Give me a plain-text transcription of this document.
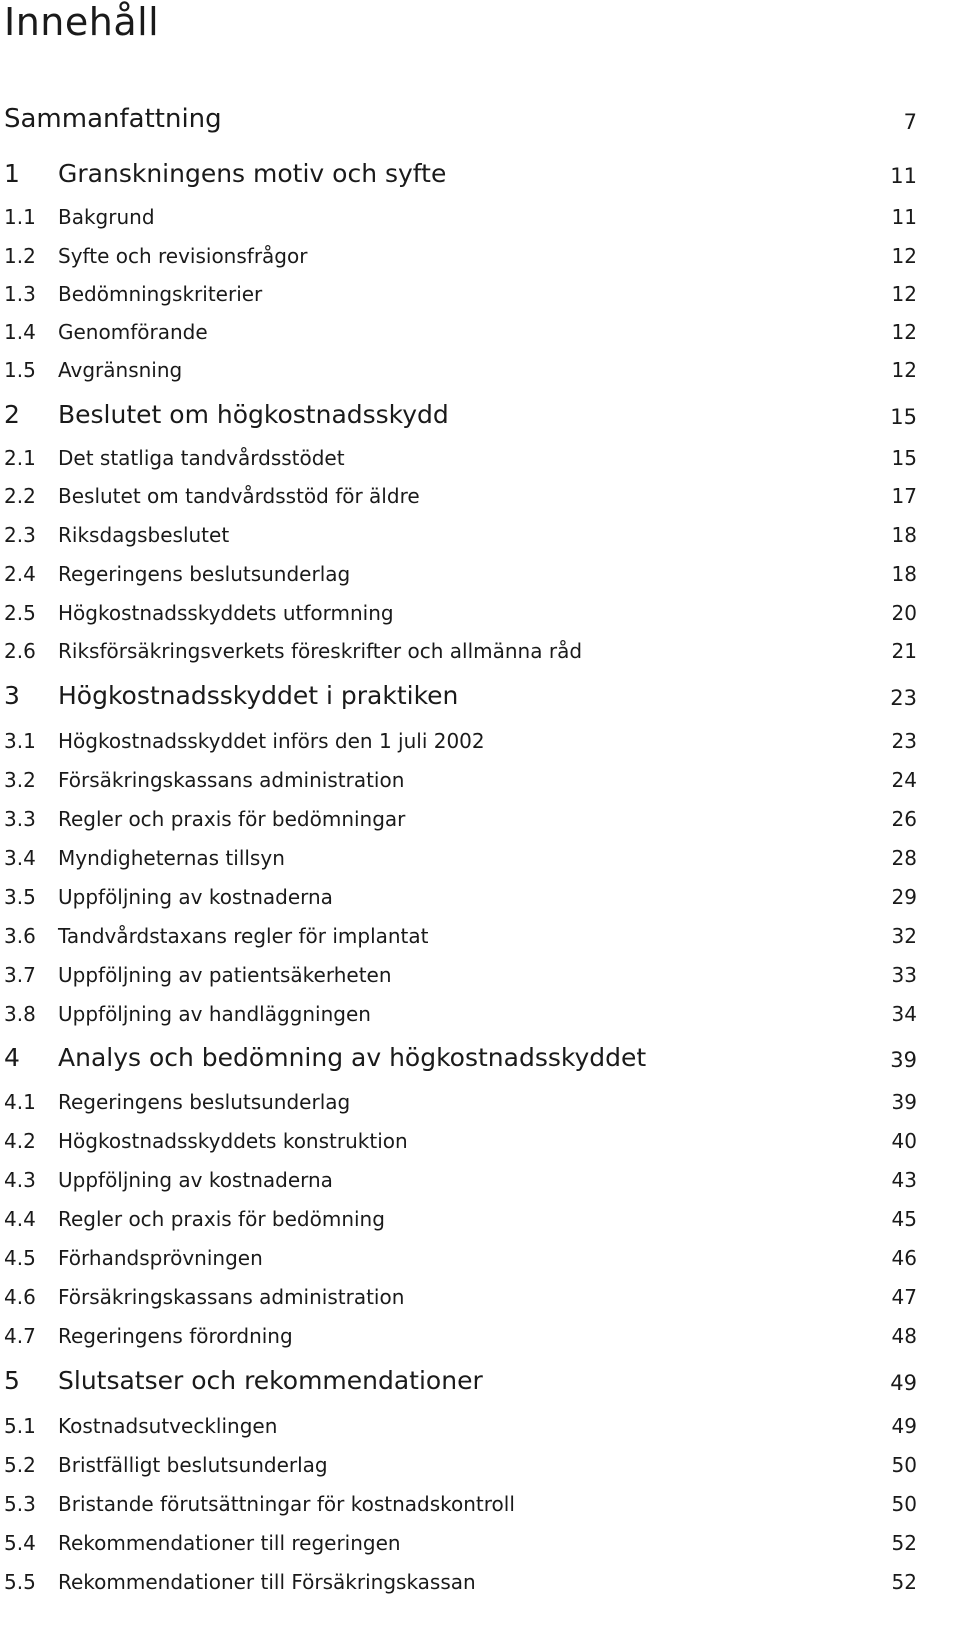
Innehåll
Sammanfattning	7
1 Granskningens motiv och syfte	11
1.1 Bakgrund	11
1.2 Syfte och revisionsfrågor	12
1.3 Bedömningskriterier	12
1.4 Genomförande	12
1.5 Avgränsning	12
2 Beslutet om högkostnadsskydd	15
2.1 Det statliga tandvårdsstödet	15
2.2 Beslutet om tandvårdsstöd för äldre	17
2.3 Riksdagsbeslutet	18
2.4 Regeringens beslutsunderlag	18
2.5 Högkostnadsskyddets utformning	20
2.6 Riksförsäkringsverkets föreskrifter och allmänna råd	21
3 Högkostnadsskyddet i praktiken	23
3.1 Högkostnadsskyddet införs den 1 juli 2002	23
3.2 Försäkringskassans administration	24
3.3 Regler och praxis för bedömningar	26
3.4 Myndigheternas tillsyn	28
3.5 Uppföljning av kostnaderna	29
3.6 Tandvårdstaxans regler för implantat	32
3.7 Uppföljning av patientsäkerheten	33
3.8 Uppföljning av handläggningen	34
4 Analys och bedömning av högkostnadsskyddet	39
4.1 Regeringens beslutsunderlag	39
4.2 Högkostnadsskyddets konstruktion	40
4.3 Uppföljning av kostnaderna	43
4.4 Regler och praxis för bedömning	45
4.5 Förhandsprövningen	46
4.6 Försäkringskassans administration	47
4.7 Regeringens förordning	48
5 Slutsatser och rekommendationer	49
5.1 Kostnadsutvecklingen	49
5.2 Bristfälligt beslutsunderlag	50
5.3 Bristande förutsättningar för kostnadskontroll	50
5.4 Rekommendationer till regeringen	52
5.5 Rekommendationer till Försäkringskassan	52
